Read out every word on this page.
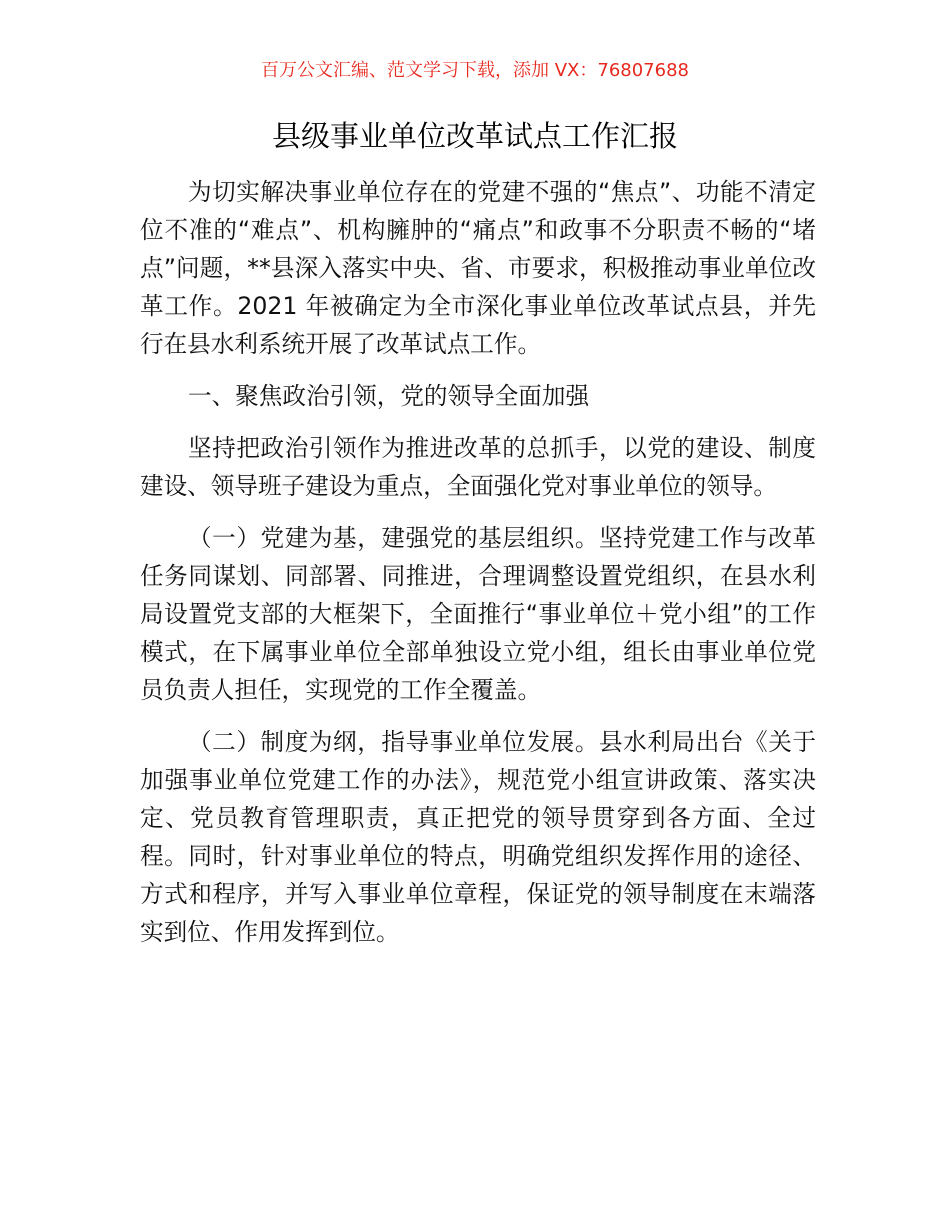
百万公文汇编、范文学习下载，添加 VX：76807688
县级事业单位改革试点工作汇报

为切实解决事业单位存在的党建不强的“焦点”、功能不清定位不准的“难点”、机构臃肿的“痛点”和政事不分职责不畅的“堵点”问题，**县深入落实中央、省、市要求，积极推动事业单位改革工作。2021 年被确定为全市深化事业单位改革试点县，并先行在县水利系统开展了改革试点工作。

一、聚焦政治引领，党的领导全面加强

坚持把政治引领作为推进改革的总抓手，以党的建设、制度建设、领导班子建设为重点，全面强化党对事业单位的领导。

（一）党建为基，建强党的基层组织。坚持党建工作与改革任务同谋划、同部署、同推进，合理调整设置党组织，在县水利局设置党支部的大框架下，全面推行“事业单位＋党小组”的工作模式，在下属事业单位全部单独设立党小组，组长由事业单位党员负责人担任，实现党的工作全覆盖。

（二）制度为纲，指导事业单位发展。县水利局出台《关于加强事业单位党建工作的办法》，规范党小组宣讲政策、落实决定、党员教育管理职责，真正把党的领导贯穿到各方面、全过程。同时，针对事业单位的特点，明确党组织发挥作用的途径、方式和程序，并写入事业单位章程，保证党的领导制度在末端落实到位、作用发挥到位。
